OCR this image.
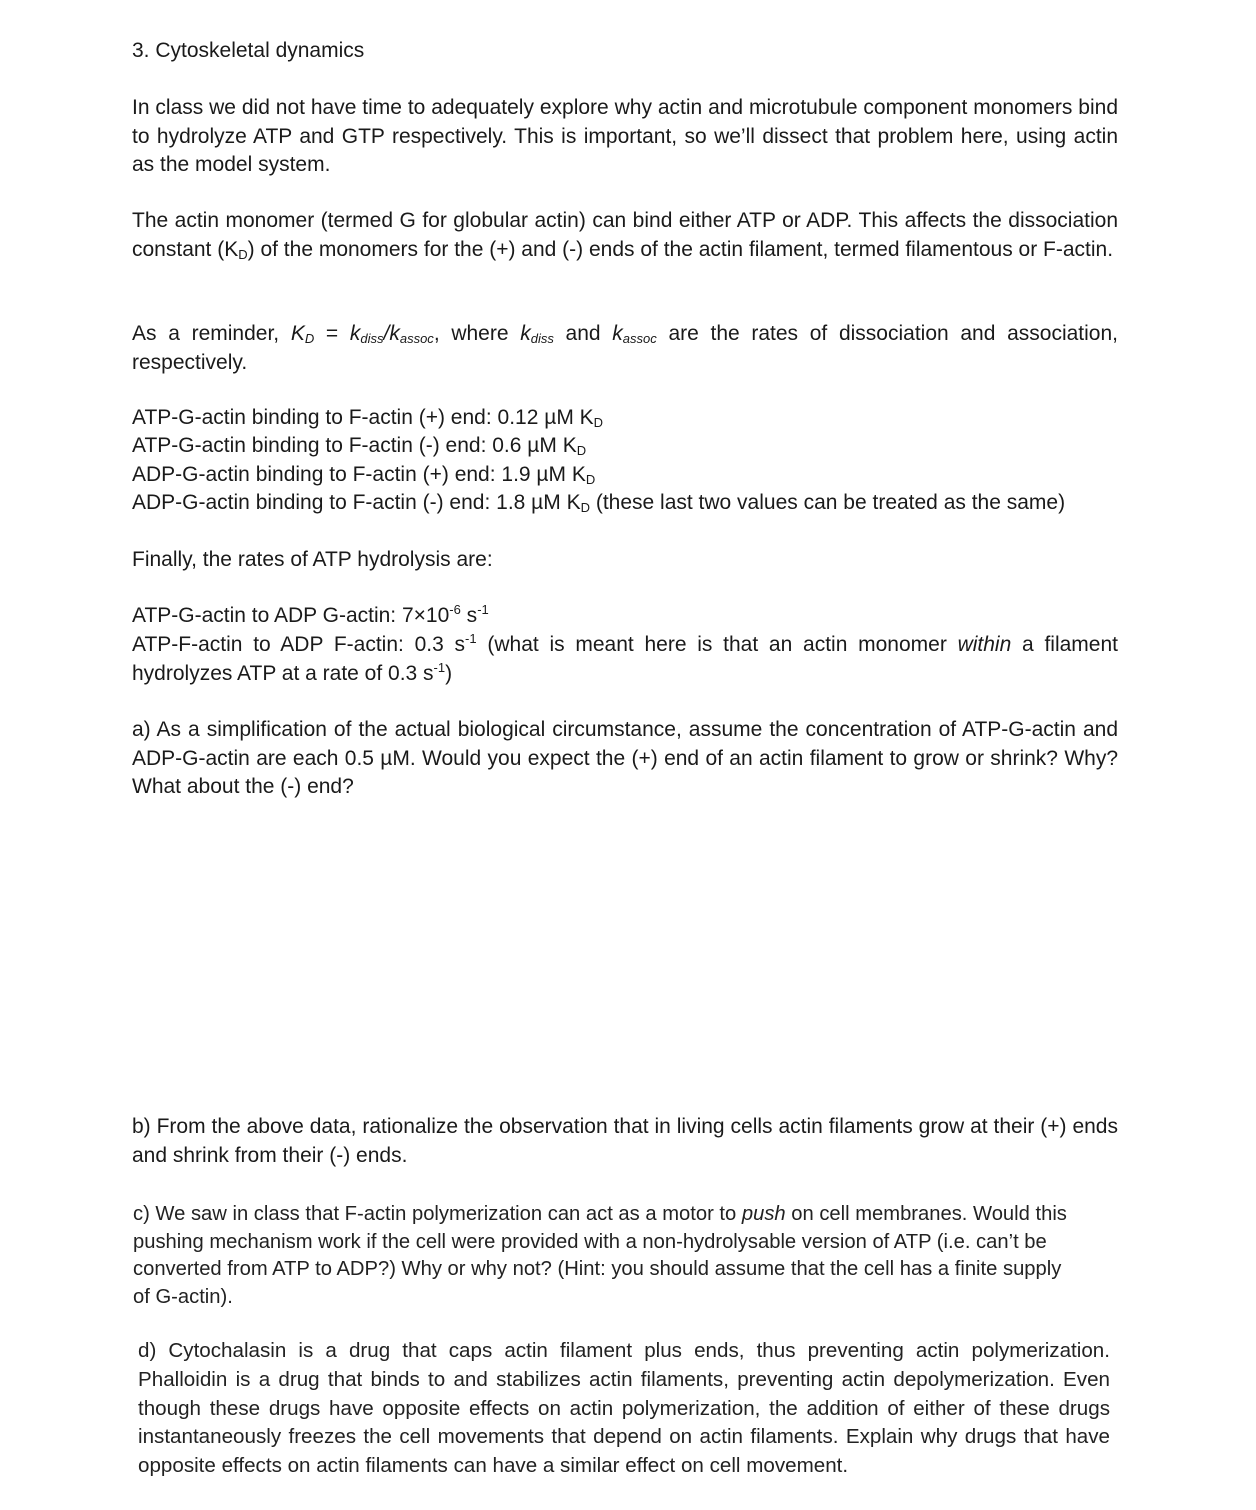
3. Cytoskeletal dynamics

In class we did not have time to adequately explore why actin and microtubule component monomers bind to hydrolyze ATP and GTP respectively. This is important, so we’ll dissect that problem here, using actin as the model system.

The actin monomer (termed G for globular actin) can bind either ATP or ADP. This affects the dissociation constant $(K_D)$ of the monomers for the (+) and (-) ends of the actin filament, termed filamentous or F-actin.

As a reminder, $K_D = k_{diss}/k_{assoc}$, where $k_{diss}$ and $k_{assoc}$ are the rates of dissociation and association, respectively.

ATP-G-actin binding to F-actin (+) end: 0.12 µM $K_D$
ATP-G-actin binding to F-actin (-) end: 0.6 µM $K_D$
ADP-G-actin binding to F-actin (+) end: 1.9 µM $K_D$
ADP-G-actin binding to F-actin (-) end: 1.8 µM $K_D$ (these last two values can be treated as the same)
Finally, the rates of ATP hydrolysis are:
ATP-G-actin to ADP G-actin: $7\times 10^{-6}$ $s^{-1}$

ATP-F-actin to ADP F-actin: 0.3 $s^{-1}$ (what is meant here is that an actin monomer within a filament hydrolyzes ATP at a rate of 0.3 $s^{-1}$)

a) As a simplification of the actual biological circumstance, assume the concentration of ATP-G-actin and ADP-G-actin are each 0.5 µM. Would you expect the (+) end of an actin filament to grow or shrink? Why? What about the (-) end?

b) From the above data, rationalize the observation that in living cells actin filaments grow at their (+) ends and shrink from their (-) ends.

c) We saw in class that F-actin polymerization can act as a motor to push on cell membranes. Would this pushing mechanism work if the cell were provided with a non-hydrolysable version of ATP (i.e. can’t be converted from ATP to ADP?) Why or why not? (Hint: you should assume that the cell has a finite supply of G-actin).

d) Cytochalasin is a drug that caps actin filament plus ends, thus preventing actin polymerization. Phalloidin is a drug that binds to and stabilizes actin filaments, preventing actin depolymerization. Even though these drugs have opposite effects on actin polymerization, the addition of either of these drugs instantaneously freezes the cell movements that depend on actin filaments. Explain why drugs that have opposite effects on actin filaments can have a similar effect on cell movement.
